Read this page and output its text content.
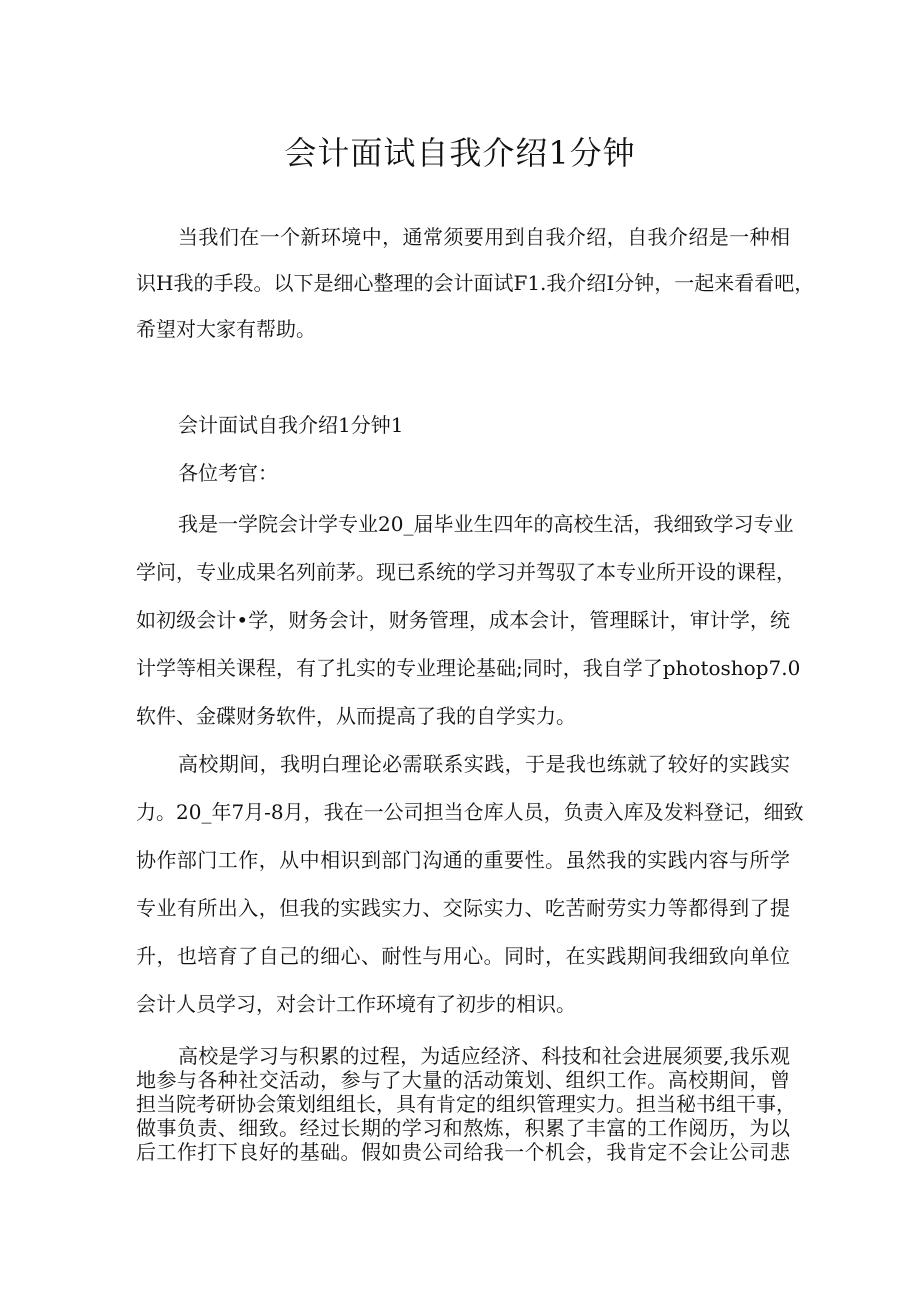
会计面试自我介绍1分钟
当我们在一个新环境中，通常须要用到自我介绍，自我介绍是一种相
识H我的手段。以下是细心整理的会计面试F1.我介绍I分钟，一起来看看吧，
希望对大家有帮助。
会计面试自我介绍1分钟1
各位考官：
我是一学院会计学专业20_届毕业生四年的高校生活，我细致学习专业
学问，专业成果名列前茅。现已系统的学习并驾驭了本专业所开设的课程，
如初级会计•学，财务会计，财务管理，成本会计，管理睬计，审计学，统
计学等相关课程，有了扎实的专业理论基础;同时，我自学了photoshop7.0
软件、金碟财务软件，从而提高了我的自学实力。
高校期间，我明白理论必需联系实践，于是我也练就了较好的实践实
力。20_年7月-8月，我在一公司担当仓库人员，负责入库及发料登记，细致
协作部门工作，从中相识到部门沟通的重要性。虽然我的实践内容与所学
专业有所出入，但我的实践实力、交际实力、吃苦耐劳实力等都得到了提
升，也培育了自己的细心、耐性与用心。同时，在实践期间我细致向单位
会计人员学习，对会计工作环境有了初步的相识。
高校是学习与积累的过程，为适应经济、科技和社会进展须要,我乐观
地参与各种社交活动，参与了大量的活动策划、组织工作。高校期间，曾
担当院考研协会策划组组长，具有肯定的组织管理实力。担当秘书组干事，
做事负责、细致。经过长期的学习和熬炼，积累了丰富的工作阅历，为以
后工作打下良好的基础。假如贵公司给我一个机会，我肯定不会让公司悲
